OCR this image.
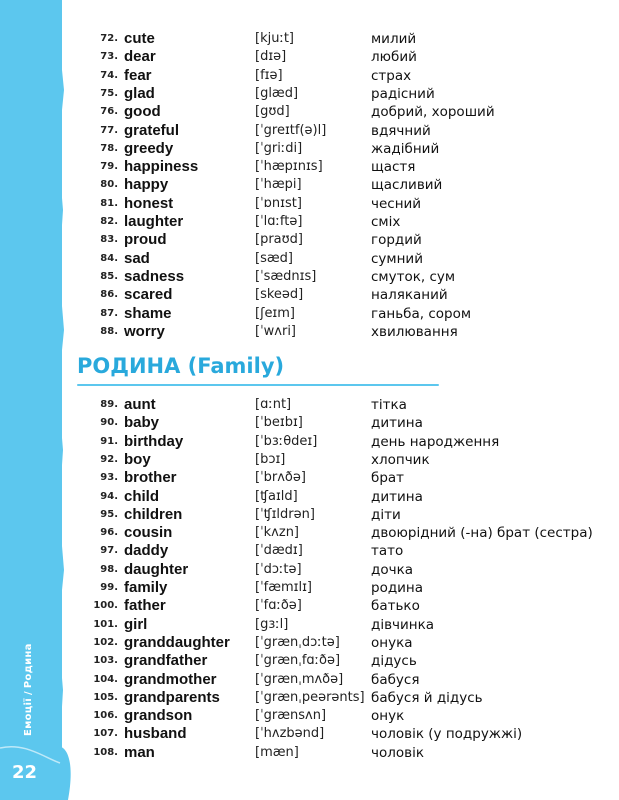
Емоції/Родина
22
72. cute	[kjuːt]	милий
73. dear	[dɪə]	любий
74. fear	[fɪə]	страх
75. glad	[glæd]	радісний
76. good	[gʊd]	добрий, хороший
77. grateful	[ˈgreɪtf(ə)l]	вдячний
78. greedy	[ˈgriːdi]	жадібний
79. happiness	[ˈhæpɪnɪs]	щастя
80. happy	[ˈhæpi]	щасливий
81. honest	[ˈɒnɪst]	чесний
82. laughter	[ˈlɑːftə]	сміх
83. proud	[praʊd]	гордий
84. sad	[sæd]	сумний
85. sadness	[ˈsædnɪs]	смуток, сум
86. scared	[skeəd]	наляканий
87. shame	[ʃeɪm]	ганьба, сором
88. worry	[ˈwʌri]	хвилювання
РОДИНА (Family)
89. aunt	[ɑːnt]	тітка
90. baby	[ˈbeɪbɪ]	дитина
91. birthday	[ˈbɜːθdeɪ]	день народження
92. boy	[bɔɪ]	хлопчик
93. brother	[ˈbrʌðə]	брат
94. child	[ʧaɪld]	дитина
95. children	[ˈʧɪldrən]	діти
96. cousin	[ˈkʌzn]	двоюрідний (-на) брат (сестра)
97. daddy	[ˈdædɪ]	тато
98. daughter	[ˈdɔːtə]	дочка
99. family	[ˈfæmɪlɪ]	родина
100. father	[ˈfɑːðə]	батько
101. girl	[gɜːl]	дівчинка
102. granddaughter [ˈgrænˌdɔːtə] онука
103. grandfather	[ˈgrænˌfɑːðə] дідусь
104. grandmother	[ˈgrænˌmʌðə] бабуся
105. grandparents	[ˈgrænˌpeərənts] бабуся й дідусь
106. grandson	[ˈgrænsʌn]	онук
107. husband	[ˈhʌzbənd]	чоловік (у подружжі)
108. man	[mæn]	чоловік
